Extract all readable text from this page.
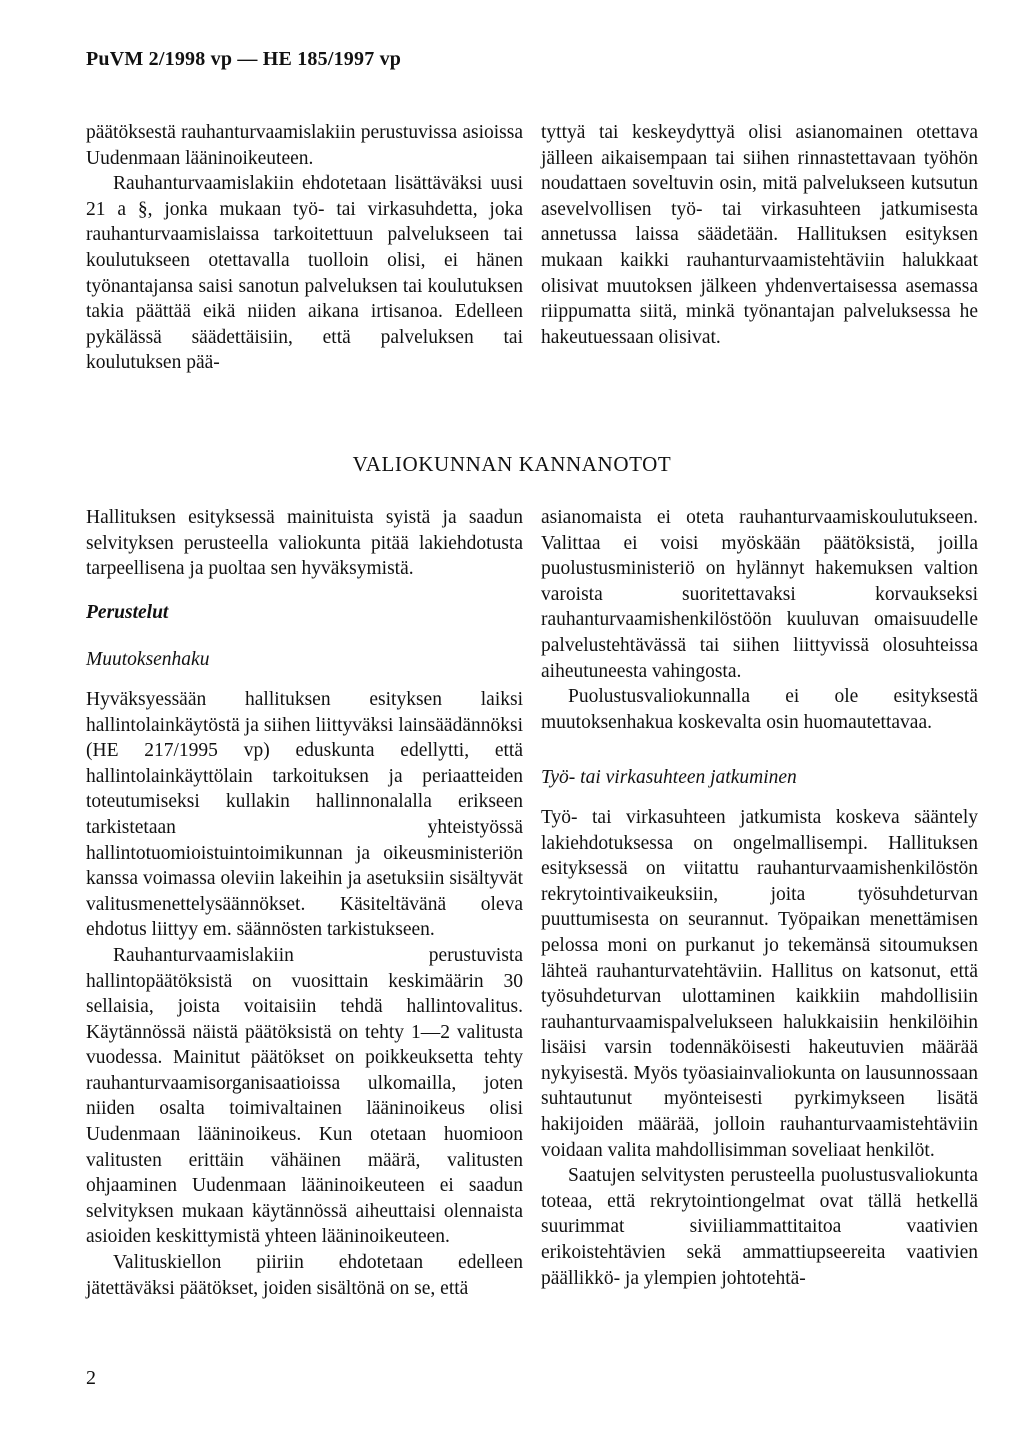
PuVM 2/1998 vp — HE 185/1997 vp

päätöksestä rauhanturvaamislakiin perustuvissa asioissa Uudenmaan lääninoikeuteen.

Rauhanturvaamislakiin ehdotetaan lisättäväksi uusi 21 a §, jonka mukaan työ- tai virkasuhdetta, joka rauhanturvaamislaissa tarkoitettuun palvelukseen tai koulutukseen otettavalla tuolloin olisi, ei hänen työnantajansa saisi sanotun palveluksen tai koulutuksen takia päättää eikä niiden aikana irtisanoa. Edelleen pykälässä säädettäisiin, että palveluksen tai koulutuksen pää-

tyttyä tai keskeydyttyä olisi asianomainen otettava jälleen aikaisempaan tai siihen rinnastettavaan työhön noudattaen soveltuvin osin, mitä palvelukseen kutsutun asevelvollisen työ- tai virkasuhteen jatkumisesta annetussa laissa säädetään. Hallituksen esityksen mukaan kaikki rauhanturvaamistehtäviin halukkaat olisivat muutoksen jälkeen yhdenvertaisessa asemassa riippumatta siitä, minkä työnantajan palveluksessa he hakeutuessaan olisivat.

VALIOKUNNAN KANNANOTOT

Hallituksen esityksessä mainituista syistä ja saadun selvityksen perusteella valiokunta pitää lakiehdotusta tarpeellisena ja puoltaa sen hyväksymistä.

Perustelut
Muutoksenhaku

Hyväksyessään hallituksen esityksen laiksi hallintolainkäytöstä ja siihen liittyväksi lainsäädännöksi (HE 217/1995 vp) eduskunta edellytti, että hallintolainkäyttölain tarkoituksen ja periaatteiden toteutumiseksi kullakin hallinnonalalla erikseen tarkistetaan yhteistyössä hallintotuomioistuintoimikunnan ja oikeusministeriön kanssa voimassa oleviin lakeihin ja asetuksiin sisältyvät valitusmenettelysäännökset. Käsiteltävänä oleva ehdotus liittyy em. säännösten tarkistukseen.

Rauhanturvaamislakiin perustuvista hallintopäätöksistä on vuosittain keskimäärin 30 sellaisia, joista voitaisiin tehdä hallintovalitus. Käytännössä näistä päätöksistä on tehty 1—2 valitusta vuodessa. Mainitut päätökset on poikkeuksetta tehty rauhanturvaamisorganisaatioissa ulkomailla, joten niiden osalta toimivaltainen lääninoikeus olisi Uudenmaan lääninoikeus. Kun otetaan huomioon valitusten erittäin vähäinen määrä, valitusten ohjaaminen Uudenmaan lääninoikeuteen ei saadun selvityksen mukaan käytännössä aiheuttaisi olennaista asioiden keskittymistä yhteen lääninoikeuteen.

Valituskiellon piiriin ehdotetaan edelleen jätettäväksi päätökset, joiden sisältönä on se, että

asianomaista ei oteta rauhanturvaamiskoulutukseen. Valittaa ei voisi myöskään päätöksistä, joilla puolustusministeriö on hylännyt hakemuksen valtion varoista suoritettavaksi korvaukseksi rauhanturvaamishenkilöstöön kuuluvan omaisuudelle palvelustehtävässä tai siihen liittyvissä olosuhteissa aiheutuneesta vahingosta.

Puolustusvaliokunnalla ei ole esityksestä muutoksenhakua koskevalta osin huomautettavaa.

Työ- tai virkasuhteen jatkuminen

Työ- tai virkasuhteen jatkumista koskeva sääntely lakiehdotuksessa on ongelmallisempi. Hallituksen esityksessä on viitattu rauhanturvaamishenkilöstön rekrytointivaikeuksiin, joita työsuhdeturvan puuttumisesta on seurannut. Työpaikan menettämisen pelossa moni on purkanut jo tekemänsä sitoumuksen lähteä rauhanturvatehtäviin. Hallitus on katsonut, että työsuhdeturvan ulottaminen kaikkiin mahdollisiin rauhanturvaamispalvelukseen halukkaisiin henkilöihin lisäisi varsin todennäköisesti hakeutuvien määrää nykyisestä. Myös työasiainvaliokunta on lausunnossaan suhtautunut myönteisesti pyrkimykseen lisätä hakijoiden määrää, jolloin rauhanturvaamistehtäviin voidaan valita mahdollisimman soveliaat henkilöt.

Saatujen selvitysten perusteella puolustusvaliokunta toteaa, että rekrytointiongelmat ovat tällä hetkellä suurimmat siviiliammattitaitoa vaativien erikoistehtävien sekä ammattiupseereita vaativien päällikkö- ja ylempien johtotehtä-

2
